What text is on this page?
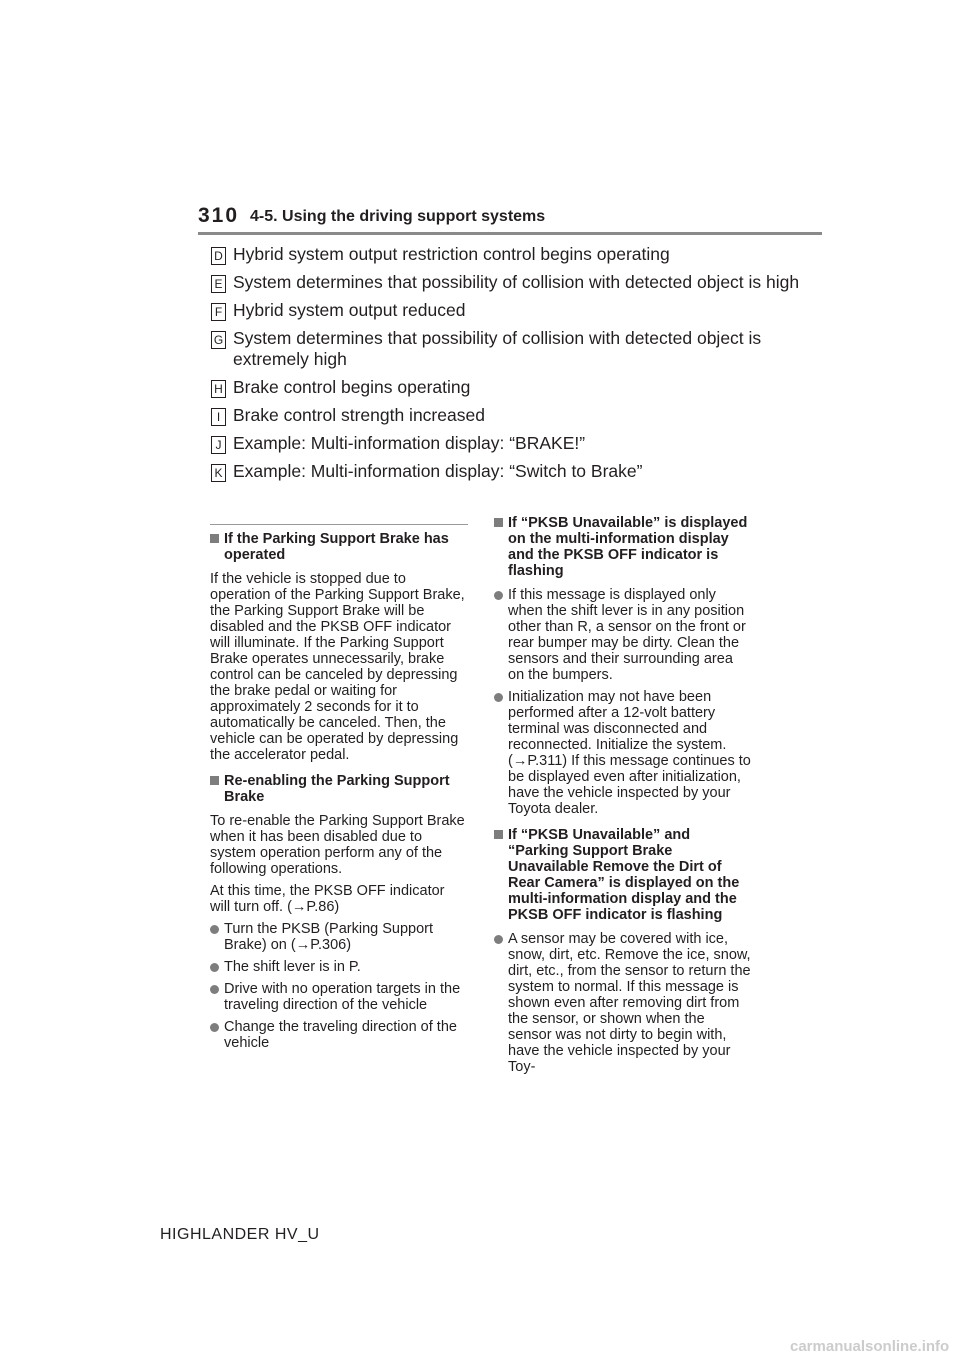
310 4-5. Using the driving support systems
D Hybrid system output restriction control begins operating
E System determines that possibility of collision with detected object is high
F Hybrid system output reduced
G System determines that possibility of collision with detected object is extremely high
H Brake control begins operating
I Brake control strength increased
J Example: Multi-information display: “BRAKE!”
K Example: Multi-information display: “Switch to Brake”
If the Parking Support Brake has operated

If the vehicle is stopped due to operation of the Parking Support Brake, the Parking Support Brake will be disabled and the PKSB OFF indicator will illuminate. If the Parking Support Brake operates unnecessarily, brake control can be canceled by depressing the brake pedal or waiting for approximately 2 seconds for it to automatically be canceled. Then, the vehicle can be operated by depressing the accelerator pedal.

Re-enabling the Parking Support Brake

To re-enable the Parking Support Brake when it has been disabled due to system operation perform any of the following operations.

At this time, the PKSB OFF indicator will turn off. (→P.86)

Turn the PKSB (Parking Support Brake) on (→P.306)
The shift lever is in P.
Drive with no operation targets in the traveling direction of the vehicle
Change the traveling direction of the vehicle
If “PKSB Unavailable” is displayed on the multi-information display and the PKSB OFF indicator is flashing
If this message is displayed only when the shift lever is in any position other than R, a sensor on the front or rear bumper may be dirty. Clean the sensors and their surrounding area on the bumpers.
Initialization may not have been performed after a 12-volt battery terminal was disconnected and reconnected. Initialize the system. (→P.311) If this message continues to be displayed even after initialization, have the vehicle inspected by your Toyota dealer.
If “PKSB Unavailable” and “Parking Support Brake Unavailable Remove the Dirt of Rear Camera” is displayed on the multi-information display and the PKSB OFF indicator is flashing
A sensor may be covered with ice, snow, dirt, etc. Remove the ice, snow, dirt, etc., from the sensor to return the system to normal. If this message is shown even after removing dirt from the sensor, or shown when the sensor was not dirty to begin with, have the vehicle inspected by your Toy-
HIGHLANDER HV_U
carmanualsonline.info
